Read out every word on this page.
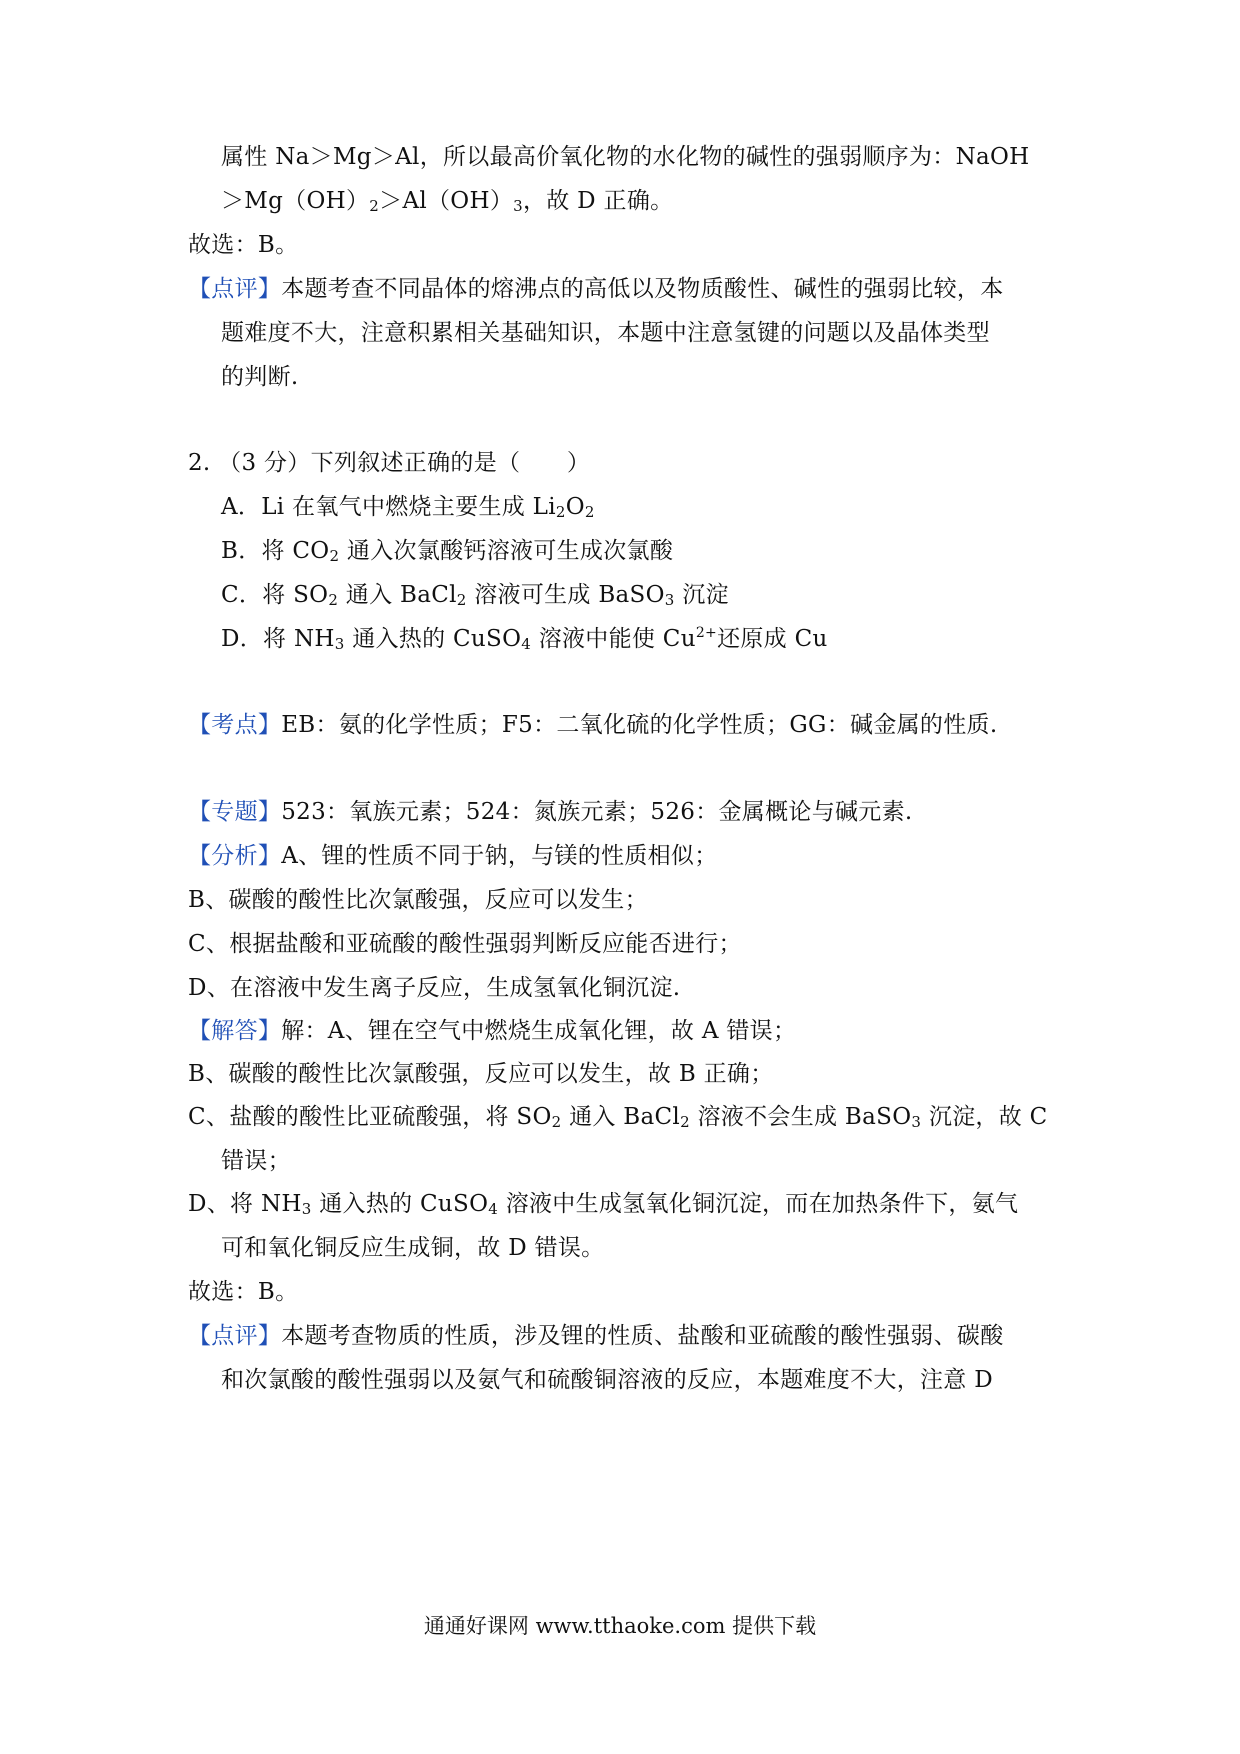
属性 Na＞Mg＞Al，所以最高价氧化物的水化物的碱性的强弱顺序为：NaOH
$>Mg(OH)_2>Al(OH)_3$，故 D 正确。
故选：B。
【点评】本题考查不同晶体的熔沸点的高低以及物质酸性、碱性的强弱比较，本
题难度不大，注意积累相关基础知识，本题中注意氢键的问题以及晶体类型
的判断.
2. （3 分）下列叙述正确的是（　　）
A．Li 在氧气中燃烧主要生成 $Li_2O_2$
B．将 $CO_2$ 通入次氯酸钙溶液可生成次氯酸
C．将 $SO_2$ 通入 BaCl$_2$ 溶液可生成 BaSO$_3$ 沉淀
D．将 $NH_3$ 通入热的 CuSO$_4$ 溶液中能使 $Cu^{2+}$还原成 Cu
【考点】EB：氨的化学性质；F5：二氧化硫的化学性质；GG：碱金属的性质.
【专题】523：氧族元素；524：氮族元素；526：金属概论与碱元素.
【分析】A、锂的性质不同于钠，与镁的性质相似；
B、碳酸的酸性比次氯酸强，反应可以发生；
C、根据盐酸和亚硫酸的酸性强弱判断反应能否进行；
D、在溶液中发生离子反应，生成氢氧化铜沉淀.
【解答】解：A、锂在空气中燃烧生成氧化锂，故 A 错误；
B、碳酸的酸性比次氯酸强，反应可以发生，故 B 正确；
C、盐酸的酸性比亚硫酸强，将 $SO_2$ 通入 BaCl$_2$ 溶液不会生成 BaSO$_3$ 沉淀，故 C
错误；
D、将 $NH_3$ 通入热的 CuSO$_4$ 溶液中生成氢氧化铜沉淀，而在加热条件下，氨气
可和氧化铜反应生成铜，故 D 错误。
故选：B。
【点评】本题考查物质的性质，涉及锂的性质、盐酸和亚硫酸的酸性强弱、碳酸
和次氯酸的酸性强弱以及氨气和硫酸铜溶液的反应，本题难度不大，注意 D
通通好课网 www.tthaoke.com 提供下载
